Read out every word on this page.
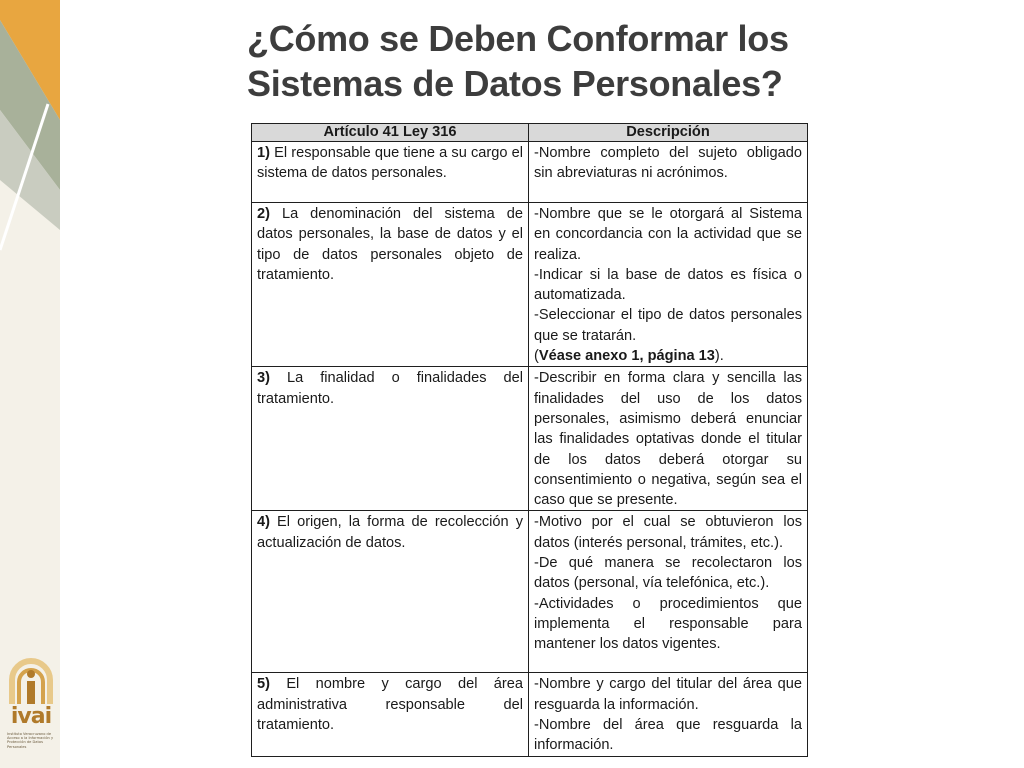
ivai
Instituto Veracruzano de Acceso a la Información y Protección de Datos Personales
¿Cómo se Deben Conformar los
Sistemas de Datos Personales?
Artículo 41 Ley 316	Descripción
1) El responsable que tiene a su cargo el sistema de datos personales.	-Nombre completo del sujeto obligado sin abreviaturas ni acrónimos.

2) La denominación del sistema de datos personales, la base de datos y el tipo de datos personales objeto de tratamiento.	-Nombre que se le otorgará al Sistema en concordancia con la actividad que se realiza.
-Indicar si la base de datos es física o automatizada.
-Seleccionar el tipo de datos personales que se tratarán.
(Véase anexo 1, página 13).

3) La finalidad o finalidades del tratamiento.	-Describir en forma clara y sencilla las finalidades del uso de los datos personales, asimismo deberá enunciar las finalidades optativas donde el titular de los datos deberá otorgar su consentimiento o negativa, según sea el caso que se presente.

4) El origen, la forma de recolección y actualización de datos.	-Motivo por el cual se obtuvieron los datos (interés personal, trámites, etc.).
-De qué manera se recolectaron los datos (personal, vía telefónica, etc.).
-Actividades o procedimientos que implementa el responsable para mantener los datos vigentes.

5) El nombre y cargo del área administrativa responsable del tratamiento.	-Nombre y cargo del titular del área que resguarda la información.
-Nombre del área que resguarda la información.
